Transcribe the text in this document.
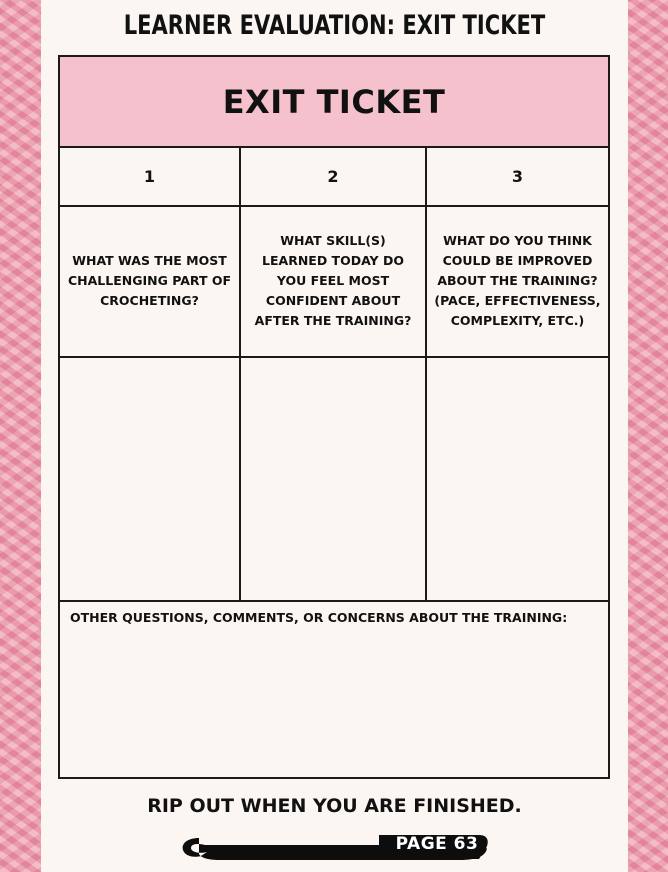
LEARNER EVALUATION: EXIT TICKET
EXIT TICKET
1	2	3
WHAT WAS THE MOST CHALLENGING PART OF CROCHETING?
WHAT SKILL(S) LEARNED TODAY DO YOU FEEL MOST CONFIDENT ABOUT AFTER THE TRAINING?
WHAT DO YOU THINK COULD BE IMPROVED ABOUT THE TRAINING? (PACE, EFFECTIVENESS, COMPLEXITY, ETC.)
OTHER QUESTIONS, COMMENTS, OR CONCERNS ABOUT THE TRAINING:
RIP OUT WHEN YOU ARE FINISHED.
PAGE 63
